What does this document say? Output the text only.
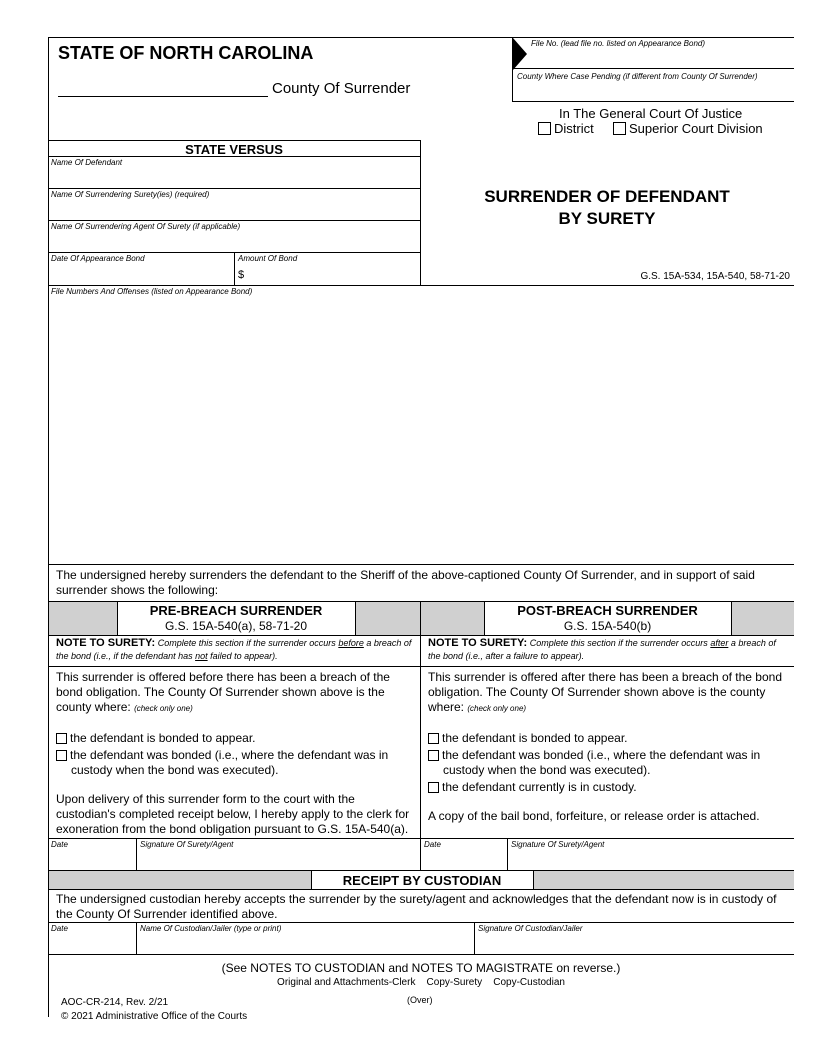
STATE OF NORTH CAROLINA
County Of Surrender
File No. (lead file no. listed on Appearance Bond)
County Where Case Pending (if different from County Of Surrender)
In The General Court Of Justice
District	Superior Court Division
STATE VERSUS
Name Of Defendant
Name Of Surrendering Surety(ies) (required)
Name Of Surrendering Agent Of Surety (if applicable)
Date Of Appearance Bond	Amount Of Bond
$
File Numbers And Offenses (listed on Appearance Bond)
SURRENDER OF DEFENDANT
BY SURETY
G.S. 15A-534, 15A-540, 58-71-20
The undersigned hereby surrenders the defendant to the Sheriff of the above-captioned County Of Surrender, and in support of said surrender shows the following:
PRE-BREACH SURRENDER
G.S. 15A-540(a), 58-71-20
POST-BREACH SURRENDER
G.S. 15A-540(b)
NOTE TO SURETY: Complete this section if the surrender occurs before a breach of the bond (i.e., if the defendant has not failed to appear).
NOTE TO SURETY: Complete this section if the surrender occurs after a breach of the bond (i.e., after a failure to appear).
This surrender is offered before there has been a breach of the bond obligation. The County Of Surrender shown above is the county where: (check only one)
the defendant is bonded to appear.
the defendant was bonded (i.e., where the defendant was in custody when the bond was executed).
Upon delivery of this surrender form to the court with the custodian's completed receipt below, I hereby apply to the clerk for exoneration from the bond obligation pursuant to G.S. 15A-540(a).
This surrender is offered after there has been a breach of the bond obligation. The County Of Surrender shown above is the county where: (check only one)
the defendant is bonded to appear.
the defendant was bonded (i.e., where the defendant was in custody when the bond was executed).
the defendant currently is in custody.
A copy of the bail bond, forfeiture, or release order is attached.
Date	Signature Of Surety/Agent	Date	Signature Of Surety/Agent
RECEIPT BY CUSTODIAN
The undersigned custodian hereby accepts the surrender by the surety/agent and acknowledges that the defendant now is in custody of the County Of Surrender identified above.
Date	Name Of Custodian/Jailer (type or print)	Signature Of Custodian/Jailer
(See NOTES TO CUSTODIAN and NOTES TO MAGISTRATE on reverse.)
Original and Attachments-Clerk    Copy-Surety    Copy-Custodian
AOC-CR-214, Rev. 2/21	(Over)
© 2021 Administrative Office of the Courts
